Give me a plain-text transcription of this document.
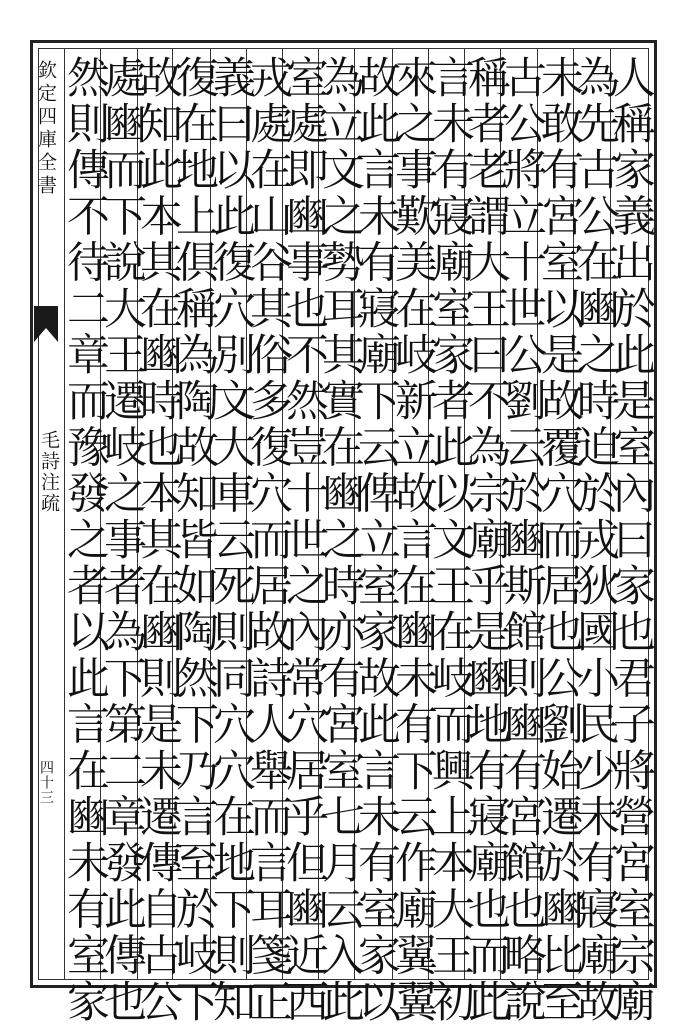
欽定四庫全書
毛詩注疏
四十三	人稱家義出於此是室內曰家也君子將營宮室宗廟
為先古公在豳之時迫於戎狄國小民少未有寢廟故
未敢有宮室以是故覆穴而居也公劉始遷於豳比至
古公將立十世公劉云於豳斯館則豳有宮館也略說
稱者老謂大王曰不為宗廟乎是豳地有寢廟也而此
言未有寢廟室家者此以文王在岐而興上本大王初
來之事歎美在岐新立故言在豳未有下云作廟翼翼
故此言未有寢廟下云俾立室家故此言未有室家以
為立文之勢耳其實在豳之時亦有宮室七月云入此
室處即豳事也不然豈十世之內常穴居乎但豳近西
戎處在山谷其俗多復穴而居故詩人舉而言耳箋正
義曰以此復穴別文大車云死則同穴穴在地下則知
復在地上俱稱為陶故知皆如陶然下乃言至於岐下
故知此本其在豳時也本其在豳則是未遷傳自古公
處豳而下說大王遷岐之事者為下第二章發此傳也
然則傳不待二章而豫發之者以此言在豳未有室家
